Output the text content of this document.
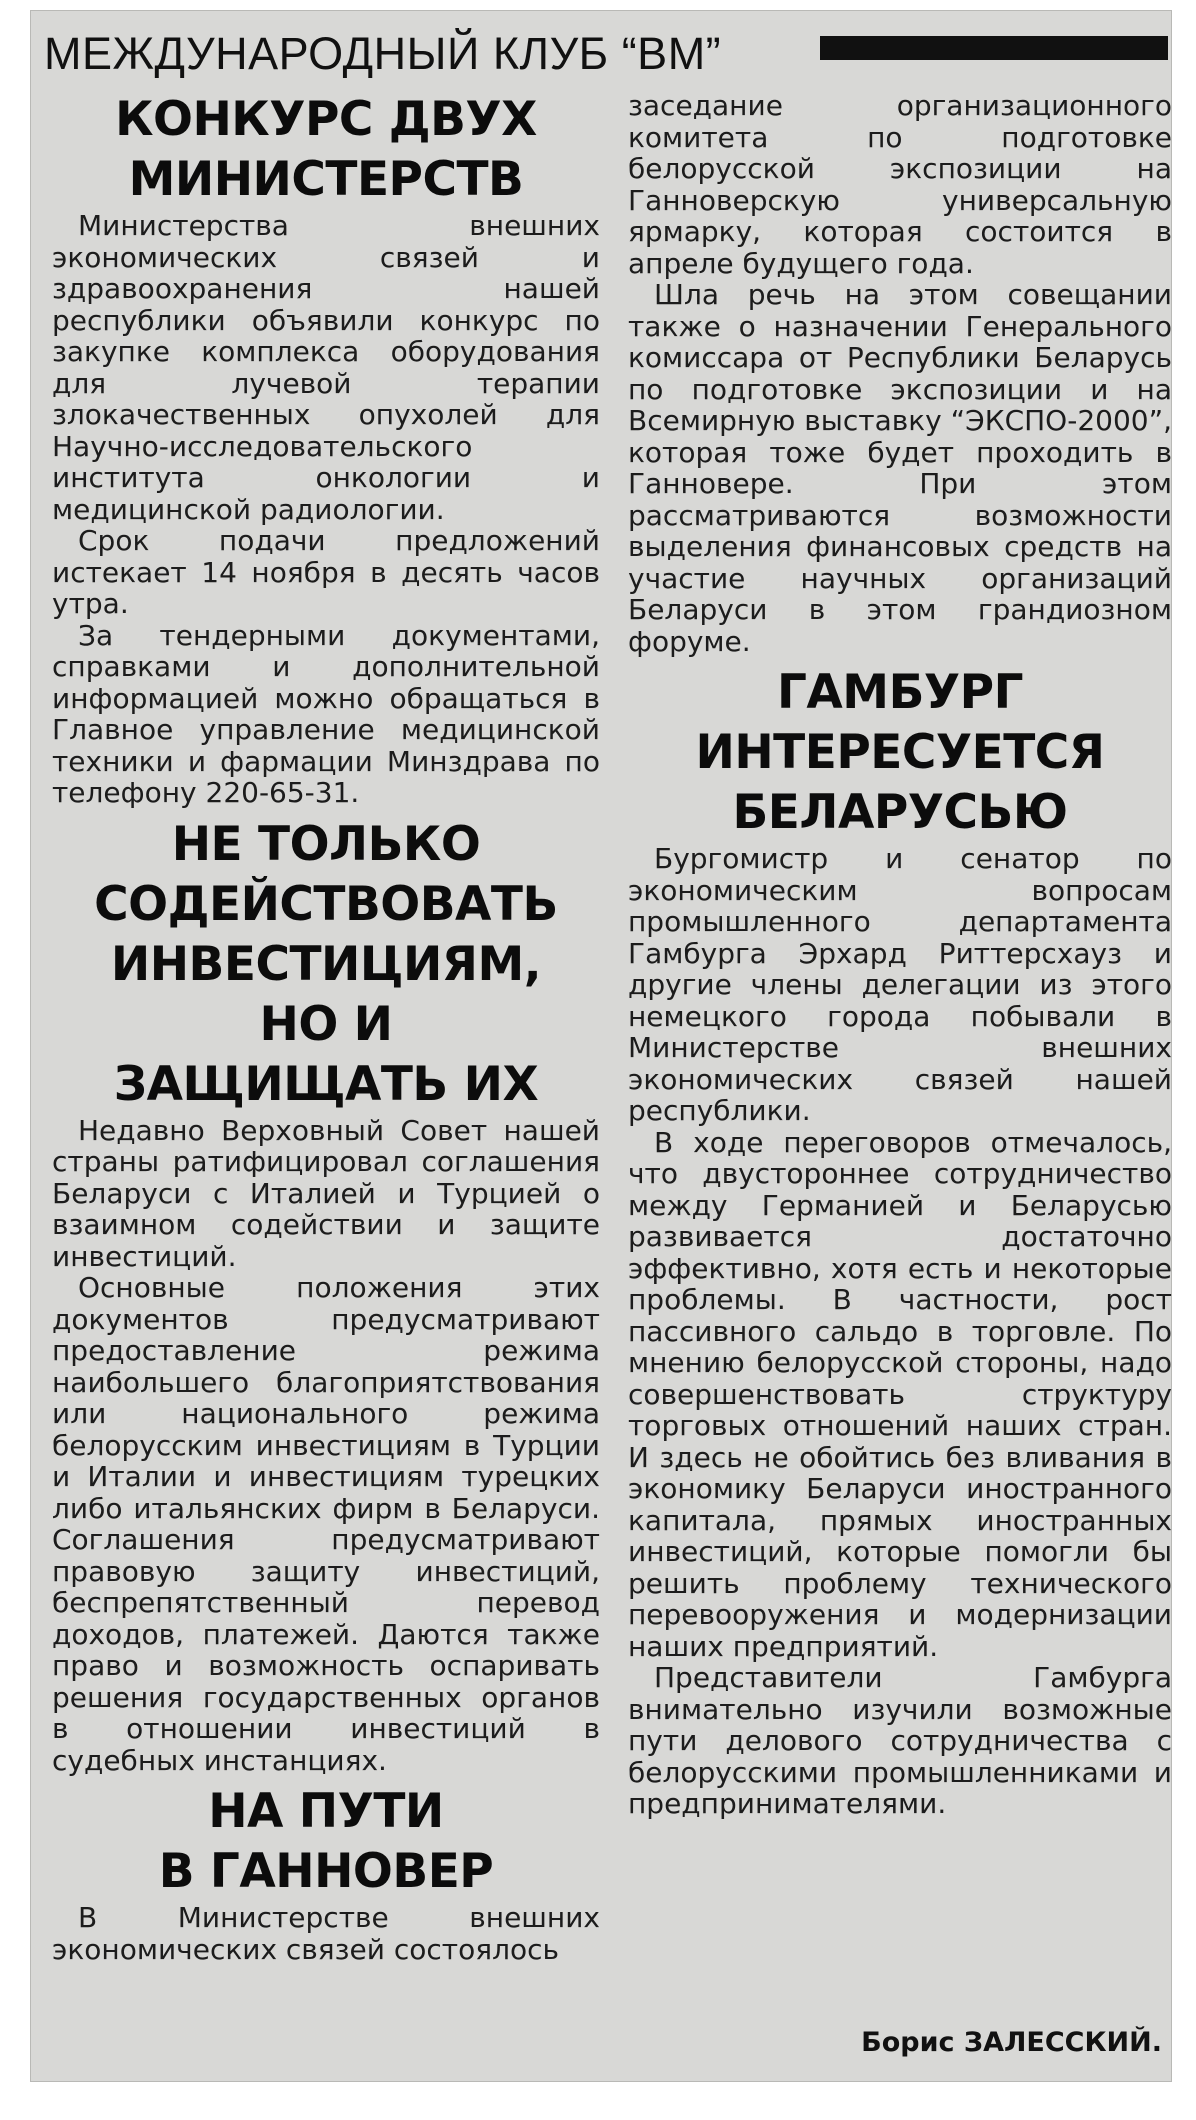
МЕЖДУНАРОДНЫЙ КЛУБ “ВМ”
КОНКУРС ДВУХ
МИНИСТЕРСТВ

Министерства внешних экономических связей и здравоохранения нашей республики объявили конкурс по закупке комплекса оборудования для лучевой терапии злокачественных опухолей для Научно-исследовательского института онкологии и медицинской радиологии.

Срок подачи предложений истекает 14 ноября в десять часов утра.

За тендерными документами, справками и дополнительной информацией можно обращаться в Главное управление медицинской техники и фармации Минздрава по телефону 220-65-31.

НЕ ТОЛЬКО
СОДЕЙСТВОВАТЬ
ИНВЕСТИЦИЯМ,
НО И
ЗАЩИЩАТЬ ИХ

Недавно Верховный Совет нашей страны ратифицировал соглашения Беларуси с Италией и Турцией о взаимном содействии и защите инвестиций.

Основные положения этих документов предусматривают предоставление режима наибольшего благоприятствования или национального режима белорусским инвестициям в Турции и Италии и инвестициям турецких либо итальянских фирм в Беларуси. Соглашения предусматривают правовую защиту инвестиций, беспрепятственный перевод доходов, платежей. Даются также право и возможность оспаривать решения государственных органов в отношении инвестиций в судебных инстанциях.

НА ПУТИ
В ГАННОВЕР

В Министерстве внешних экономических связей состоялось

заседание организационного комитета по подготовке белорусской экспозиции на Ганноверскую универсальную ярмарку, которая состоится в апреле будущего года.

Шла речь на этом совещании также о назначении Генерального комиссара от Республики Беларусь по подготовке экспозиции и на Всемирную выставку “ЭКСПО-2000”, которая тоже будет проходить в Ганновере. При этом рассматриваются возможности выделения финансовых средств на участие научных организаций Беларуси в этом грандиозном форуме.

ГАМБУРГ
ИНТЕРЕСУЕТСЯ
БЕЛАРУСЬЮ

Бургомистр и сенатор по экономическим вопросам промышленного департамента Гамбурга Эрхард Риттерсхауз и другие члены делегации из этого немецкого города побывали в Министерстве внешних экономических связей нашей республики.

В ходе переговоров отмечалось, что двустороннее сотрудничество между Германией и Беларусью развивается достаточно эффективно, хотя есть и некоторые проблемы. В частности, рост пассивного сальдо в торговле. По мнению белорусской стороны, надо совершенствовать структуру торговых отношений наших стран. И здесь не обойтись без вливания в экономику Беларуси иностранного капитала, прямых иностранных инвестиций, которые помогли бы решить проблему технического перевооружения и модернизации наших предприятий.

Представители Гамбурга внимательно изучили возможные пути делового сотрудничества с белорусскими промышленниками и предпринимателями.

Борис ЗАЛЕССКИЙ.
